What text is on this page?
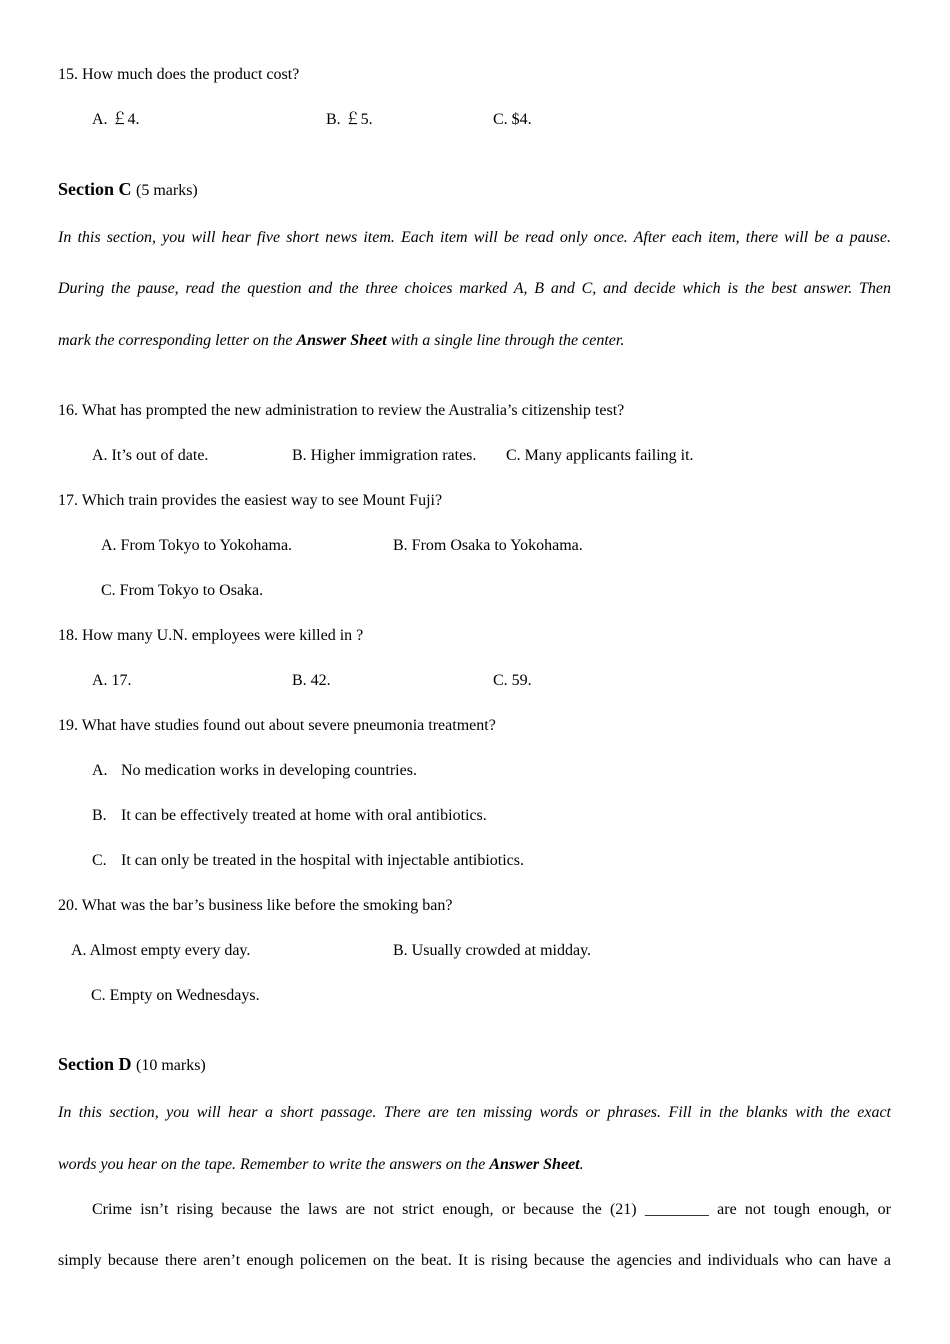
15. How much does the product cost?
A. ￡4.	B. ￡5.	C. $4.
Section C (5 marks)
In this section, you will hear five short news item. Each item will be read only once. After each item, there will be a pause.
During the pause, read the question and the three choices marked A, B and C, and decide which is the best answer. Then
mark the corresponding letter on the Answer Sheet with a single line through the center.
16. What has prompted the new administration to review the Australia’s citizenship test?
A. It’s out of date.	B. Higher immigration rates. C. Many applicants failing it.
17. Which train provides the easiest way to see Mount Fuji?
A. From Tokyo to Yokohama.	B. From Osaka to Yokohama.
C. From Tokyo to Osaka.
18. How many U.N. employees were killed in ?
A. 17.	B. 42.	C. 59.
19. What have studies found out about severe pneumonia treatment?
A. No medication works in developing countries.
B. It can be effectively treated at home with oral antibiotics.
C. It can only be treated in the hospital with injectable antibiotics.
20. What was the bar’s business like before the smoking ban?
A. Almost empty every day.	B. Usually crowded at midday.
C. Empty on Wednesdays.
Section D (10 marks)
In this section, you will hear a short passage. There are ten missing words or phrases. Fill in the blanks with the exact
words you hear on the tape. Remember to write the answers on the Answer Sheet.
Crime isn’t rising because the laws are not strict enough, or because the (21) ________ are not tough enough, or
simply because there aren’t enough policemen on the beat. It is rising because the agencies and individuals who can have a
